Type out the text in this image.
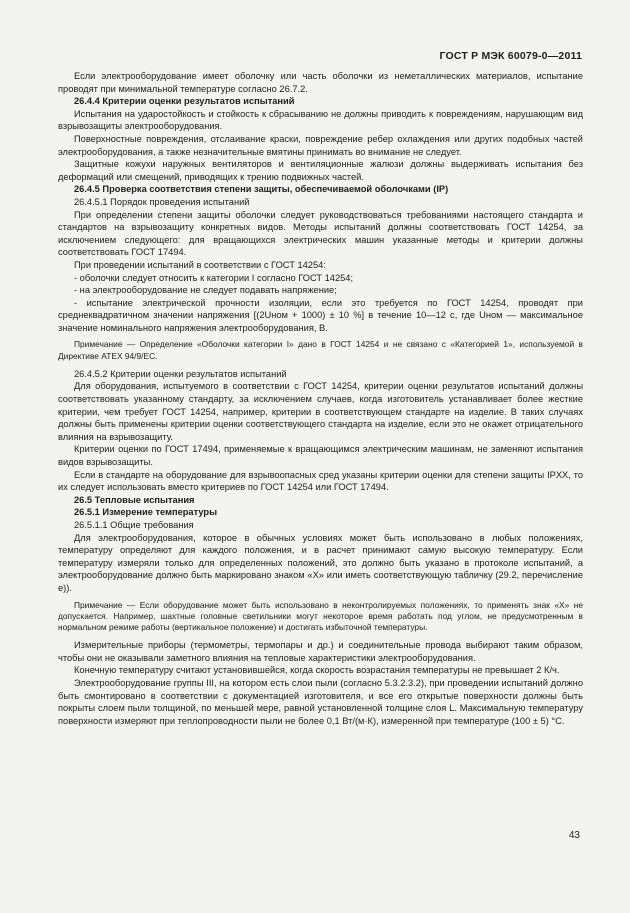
ГОСТ Р МЭК 60079-0—2011

Если электрооборудование имеет оболочку или часть оболочки из неметаллических материалов, испытание проводят при минимальной температуре согласно 26.7.2.

26.4.4 Критерии оценки результатов испытаний

Испытания на ударостойкость и стойкость к сбрасыванию не должны приводить к повреждениям, нарушающим вид взрывозащиты электрооборудования.

Поверхностные повреждения, отслаивание краски, повреждение ребер охлаждения или других подобных частей электрооборудования, а также незначительные вмятины принимать во внимание не следует.

Защитные кожухи наружных вентиляторов и вентиляционные жалюзи должны выдерживать испытания без деформаций или смещений, приводящих к трению подвижных частей.

26.4.5 Проверка соответствия степени защиты, обеспечиваемой оболочками (IP)

26.4.5.1 Порядок проведения испытаний

При определении степени защиты оболочки следует руководствоваться требованиями настоящего стандарта и стандартов на взрывозащиту конкретных видов. Методы испытаний должны соответствовать ГОСТ 14254, за исключением следующего: для вращающихся электрических машин указанные методы и критерии должны соответствовать ГОСТ 17494.

При проведении испытаний в соответствии с ГОСТ 14254:

- оболочки следует относить к категории I согласно ГОСТ 14254;

- на электрооборудование не следует подавать напряжение;

- испытание электрической прочности изоляции, если это требуется по ГОСТ 14254, проводят при среднеквадратичном значении напряжения [(2Uном + 1000) ± 10 %] в течение 10—12 с, где Uном — максимальное значение номинального напряжения электрооборудования, В.

Примечание — Определение «Оболочки категории I» дано в ГОСТ 14254 и не связано с «Категорией 1», используемой в Директиве ATEX 94/9/EC.

26.4.5.2 Критерии оценки результатов испытаний

Для оборудования, испытуемого в соответствии с ГОСТ 14254, критерии оценки результатов испытаний должны соответствовать указанному стандарту, за исключением случаев, когда изготовитель устанавливает более жесткие критерии, чем требует ГОСТ 14254, например, критерии в соответствующем стандарте на изделие. В таких случаях должны быть применены критерии оценки соответствующего стандарта на изделие, если это не окажет отрицательного влияния на взрывозащиту.

Критерии оценки по ГОСТ 17494, применяемые к вращающимся электрическим машинам, не заменяют испытания видов взрывозащиты.

Если в стандарте на оборудование для взрывоопасных сред указаны критерии оценки для степени защиты IPXX, то их следует использовать вместо критериев по ГОСТ 14254 или ГОСТ 17494.

26.5 Тепловые испытания

26.5.1 Измерение температуры

26.5.1.1 Общие требования

Для электрооборудования, которое в обычных условиях может быть использовано в любых положениях, температуру определяют для каждого положения, и в расчет принимают самую высокую температуру. Если температуру измеряли только для определенных положений, это должно быть указано в протоколе испытаний, а электрооборудование должно быть маркировано знаком «X» или иметь соответствующую табличку (29.2, перечисление е)).

Примечание — Если оборудование может быть использовано в неконтролируемых положениях, то применять знак «X» не допускается. Например, шахтные головные светильники могут некоторое время работать под углом, не предусмотренным в нормальном режиме работы (вертикальное положение) и достигать избыточной температуры.

Измерительные приборы (термометры, термопары и др.) и соединительные провода выбирают таким образом, чтобы они не оказывали заметного влияния на тепловые характеристики электрооборудования.

Конечную температуру считают установившейся, когда скорость возрастания температуры не превышает 2 К/ч.

Электрооборудование группы III, на котором есть слои пыли (согласно 5.3.2.3.2), при проведении испытаний должно быть смонтировано в соответствии с документацией изготовителя, и все его открытые поверхности должны быть покрыты слоем пыли толщиной, по меньшей мере, равной установленной толщине слоя L. Максимальную температуру поверхности измеряют при теплопроводности пыли не более 0,1 Вт/(м·К), измеренной при температуре (100 ± 5) °С.

43
